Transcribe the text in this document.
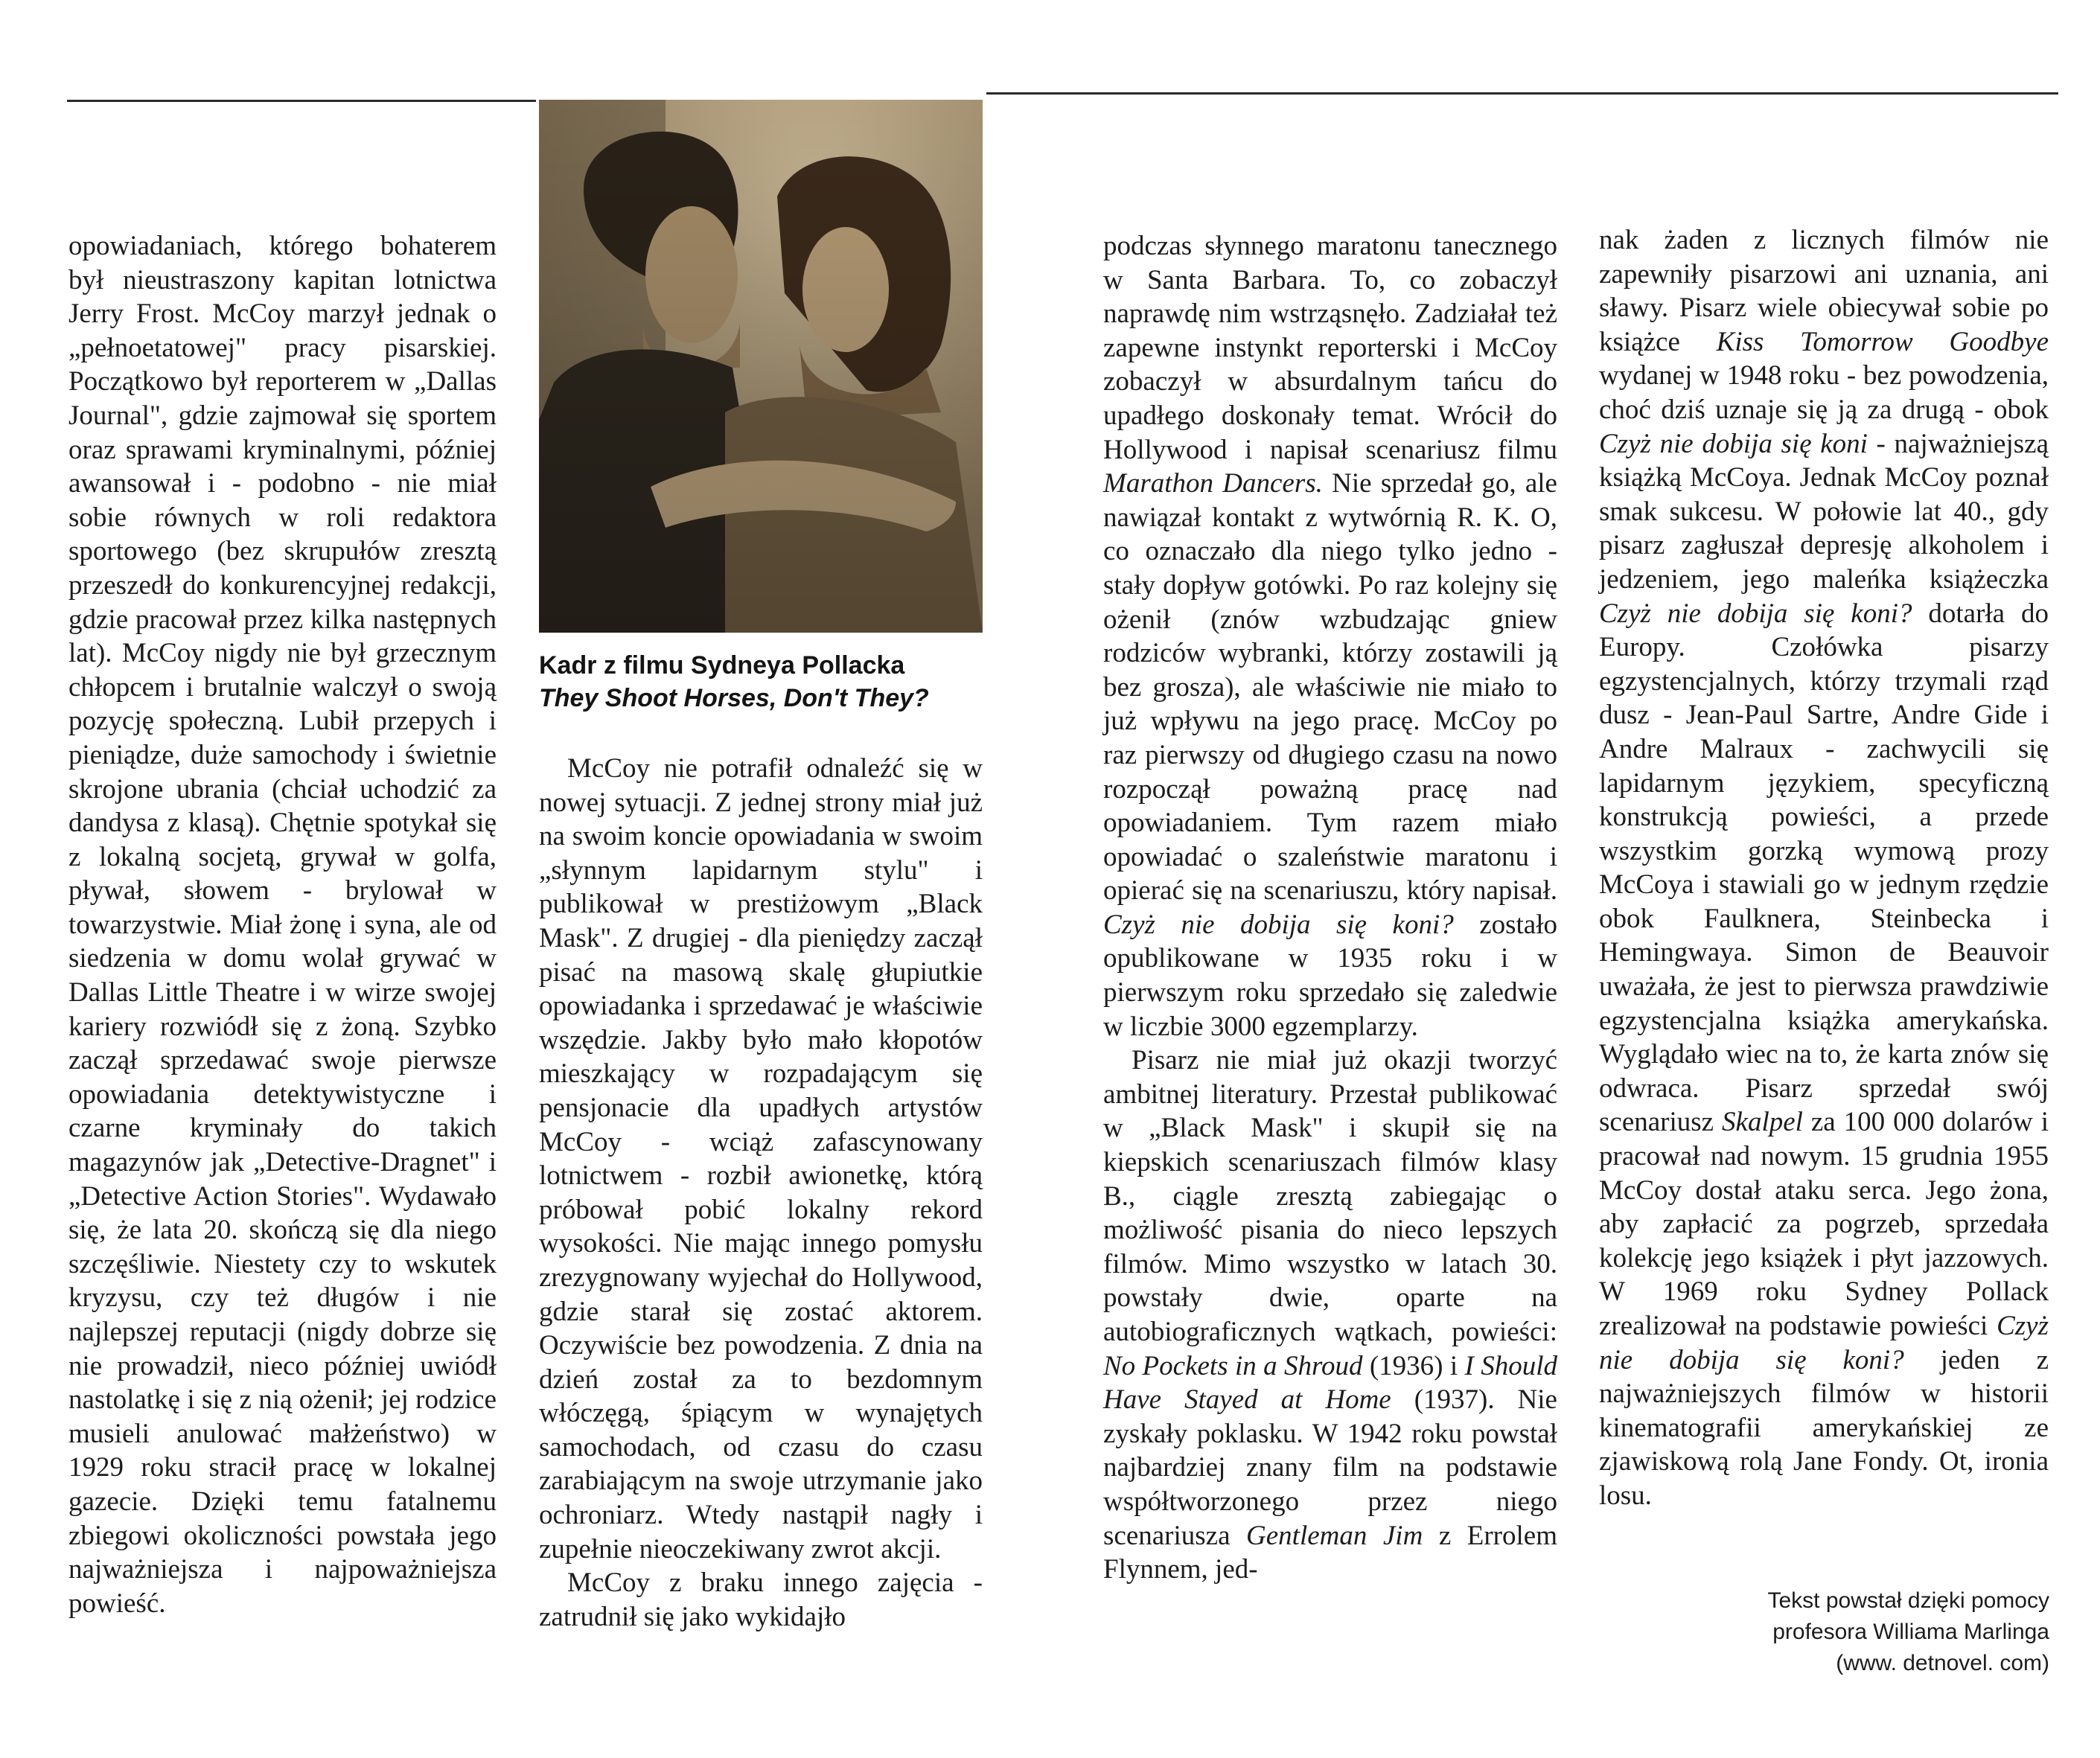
opowiadaniach, którego bohaterem był nieustraszony kapitan lotnictwa Jerry Frost. McCoy marzył jednak o „pełnoetatowej" pracy pisarskiej. Początkowo był reporterem w „Dallas Journal", gdzie zajmował się sportem oraz sprawami kryminalnymi, później awansował i - podobno - nie miał sobie równych w roli redaktora sportowego (bez skrupułów zresztą przeszedł do konkurencyjnej redakcji, gdzie pracował przez kilka następnych lat). McCoy nigdy nie był grzecznym chłopcem i brutalnie walczył o swoją pozycję społeczną. Lubił przepych i pieniądze, duże samochody i świetnie skrojone ubrania (chciał uchodzić za dandysa z klasą). Chętnie spotykał się z lokalną socjetą, grywał w golfa, pływał, słowem - brylował w towarzystwie. Miał żonę i syna, ale od siedzenia w domu wolał grywać w Dallas Little Theatre i w wirze swojej kariery rozwiódł się z żoną. Szybko zaczął sprzedawać swoje pierwsze opowiadania detektywistyczne i czarne kryminały do takich magazynów jak „Detective-Dragnet" i „Detective Action Stories". Wydawało się, że lata 20. skończą się dla niego szczęśliwie. Niestety czy to wskutek kryzysu, czy też długów i nie najlepszej reputacji (nigdy dobrze się nie prowadził, nieco później uwiódł nastolatkę i się z nią ożenił; jej rodzice musieli anulować małżeństwo) w 1929 roku stracił pracę w lokalnej gazecie. Dzięki temu fatalnemu zbiegowi okoliczności powstała jego najważniejsza i najpoważniejsza powieść.

Kadr z filmu Sydneya Pollacka
They Shoot Horses, Don't They?

McCoy nie potrafił odnaleźć się w nowej sytuacji. Z jednej strony miał już na swoim koncie opowiadania w swoim „słynnym lapidarnym stylu" i publikował w prestiżowym „Black Mask". Z drugiej - dla pieniędzy zaczął pisać na masową skalę głupiutkie opowiadanka i sprzedawać je właściwie wszędzie. Jakby było mało kłopotów mieszkający w rozpadającym się pensjonacie dla upadłych artystów McCoy - wciąż zafascynowany lotnictwem - rozbił awionetkę, którą próbował pobić lokalny rekord wysokości. Nie mając innego pomysłu zrezygnowany wyjechał do Hollywood, gdzie starał się zostać aktorem. Oczywiście bez powodzenia. Z dnia na dzień został za to bezdomnym włóczęgą, śpiącym w wynajętych samochodach, od czasu do czasu zarabiającym na swoje utrzymanie jako ochroniarz. Wtedy nastąpił nagły i zupełnie nieoczekiwany zwrot akcji.

McCoy z braku innego zajęcia - zatrudnił się jako wykidajło

podczas słynnego maratonu tanecznego w Santa Barbara. To, co zobaczył naprawdę nim wstrząsnęło. Zadziałał też zapewne instynkt reporterski i McCoy zobaczył w absurdalnym tańcu do upadłego doskonały temat. Wrócił do Hollywood i napisał scenariusz filmu Marathon Dancers. Nie sprzedał go, ale nawiązał kontakt z wytwórnią R. K. O, co oznaczało dla niego tylko jedno - stały dopływ gotówki. Po raz kolejny się ożenił (znów wzbudzając gniew rodziców wybranki, którzy zostawili ją bez grosza), ale właściwie nie miało to już wpływu na jego pracę. McCoy po raz pierwszy od długiego czasu na nowo rozpoczął poważną pracę nad opowiadaniem. Tym razem miało opowiadać o szaleństwie maratonu i opierać się na scenariuszu, który napisał. Czyż nie dobija się koni? zostało opublikowane w 1935 roku i w pierwszym roku sprzedało się zaledwie w liczbie 3000 egzemplarzy.

Pisarz nie miał już okazji tworzyć ambitnej literatury. Przestał publikować w „Black Mask" i skupił się na kiepskich scenariuszach filmów klasy B., ciągle zresztą zabiegając o możliwość pisania do nieco lepszych filmów. Mimo wszystko w latach 30. powstały dwie, oparte na autobiograficznych wątkach, powieści: No Pockets in a Shroud (1936) i I Should Have Stayed at Home (1937). Nie zyskały poklasku. W 1942 roku powstał najbardziej znany film na podstawie współtworzonego przez niego scenariusza Gentleman Jim z Errolem Flynnem, jed-

nak żaden z licznych filmów nie zapewniły pisarzowi ani uznania, ani sławy. Pisarz wiele obiecywał sobie po książce Kiss Tomorrow Goodbye wydanej w 1948 roku - bez powodzenia, choć dziś uznaje się ją za drugą - obok Czyż nie dobija się koni - najważniejszą książką McCoya. Jednak McCoy poznał smak sukcesu. W połowie lat 40., gdy pisarz zagłuszał depresję alkoholem i jedzeniem, jego maleńka książeczka Czyż nie dobija się koni? dotarła do Europy. Czołówka pisarzy egzystencjalnych, którzy trzymali rząd dusz - Jean-Paul Sartre, Andre Gide i Andre Malraux - zachwycili się lapidarnym językiem, specyficzną konstrukcją powieści, a przede wszystkim gorzką wymową prozy McCoya i stawiali go w jednym rzędzie obok Faulknera, Steinbecka i Hemingwaya. Simon de Beauvoir uważała, że jest to pierwsza prawdziwie egzystencjalna książka amerykańska. Wyglądało wiec na to, że karta znów się odwraca. Pisarz sprzedał swój scenariusz Skalpel za 100 000 dolarów i pracował nad nowym. 15 grudnia 1955 McCoy dostał ataku serca. Jego żona, aby zapłacić za pogrzeb, sprzedała kolekcję jego książek i płyt jazzowych. W 1969 roku Sydney Pollack zrealizował na podstawie powieści Czyż nie dobija się koni? jeden z najważniejszych filmów w historii kinematografii amerykańskiej ze zjawiskową rolą Jane Fondy. Ot, ironia losu.

Tekst powstał dzięki pomocy
profesora Williama Marlinga
(www. detnovel. com)
